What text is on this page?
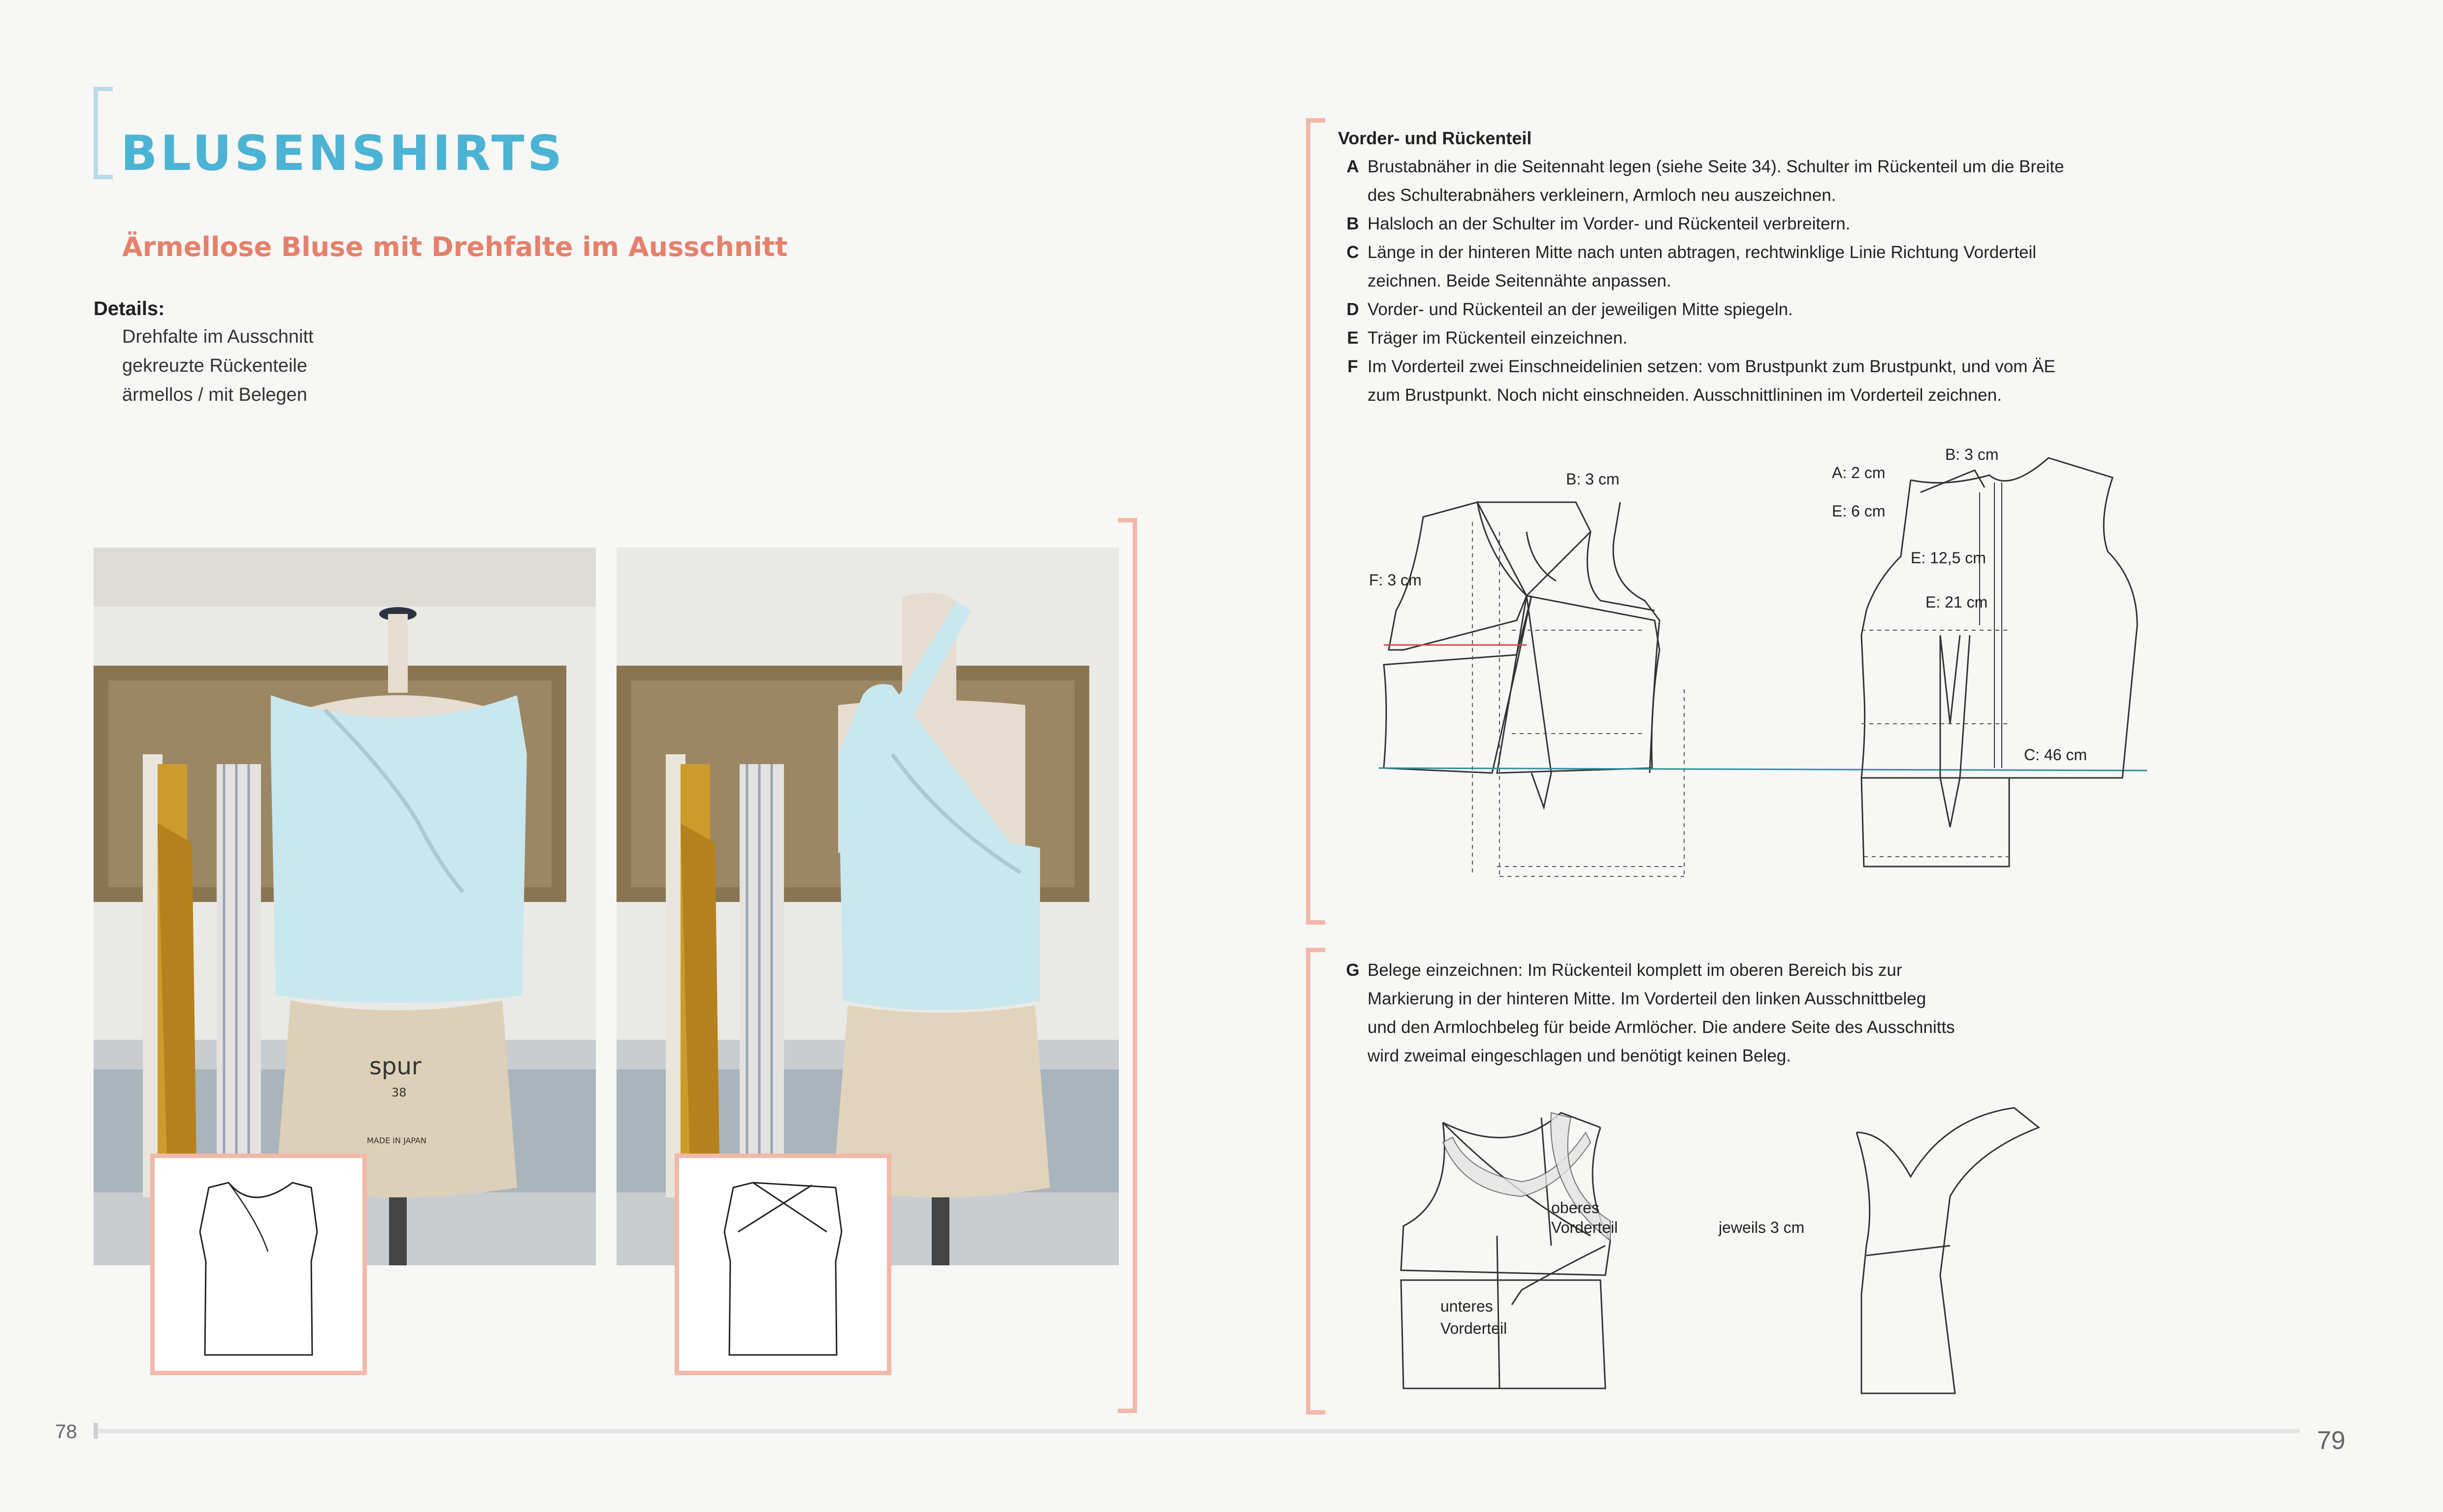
BLUSENSHIRTS
Ärmellose Bluse mit Drehfalte im Ausschnitt
Details:
Drehfalte im Ausschnitt
gekreuzte Rückenteile
ärmellos / mit Belegen
spur
38
MADE IN JAPAN
Vorder- und Rückenteil
A Brustabnäher in die Seitennaht legen (siehe Seite 34). Schulter im Rückenteil um die Breite des Schulterabnähers verkleinern, Armloch neu auszeichnen.
B Halsloch an der Schulter im Vorder- und Rückenteil verbreitern.
C Länge in der hinteren Mitte nach unten abtragen, rechtwinklige Linie Richtung Vorderteil zeichnen. Beide Seitennähte anpassen.
D Vorder- und Rückenteil an der jeweiligen Mitte spiegeln.
E Träger im Rückenteil einzeichnen.
F Im Vorderteil zwei Einschneidelinien setzen: vom Brustpunkt zum Brustpunkt, und vom ÄE zum Brustpunkt. Noch nicht einschneiden. Ausschnittlininen im Vorderteil zeichnen.
B: 3 cm
F: 3 cm
A: 2 cm
B: 3 cm
E: 6 cm
E: 12,5 cm
E: 21 cm
C: 46 cm
G Belege einzeichnen: Im Rückenteil komplett im oberen Bereich bis zur Markierung in der hinteren Mitte. Im Vorderteil den linken Ausschnittbeleg und den Armlochbeleg für beide Armlöcher. Die andere Seite des Ausschnitts wird zweimal eingeschlagen und benötigt keinen Beleg.
oberes
Vorderteil
unteres
Vorderteil
jeweils 3 cm
78	79
